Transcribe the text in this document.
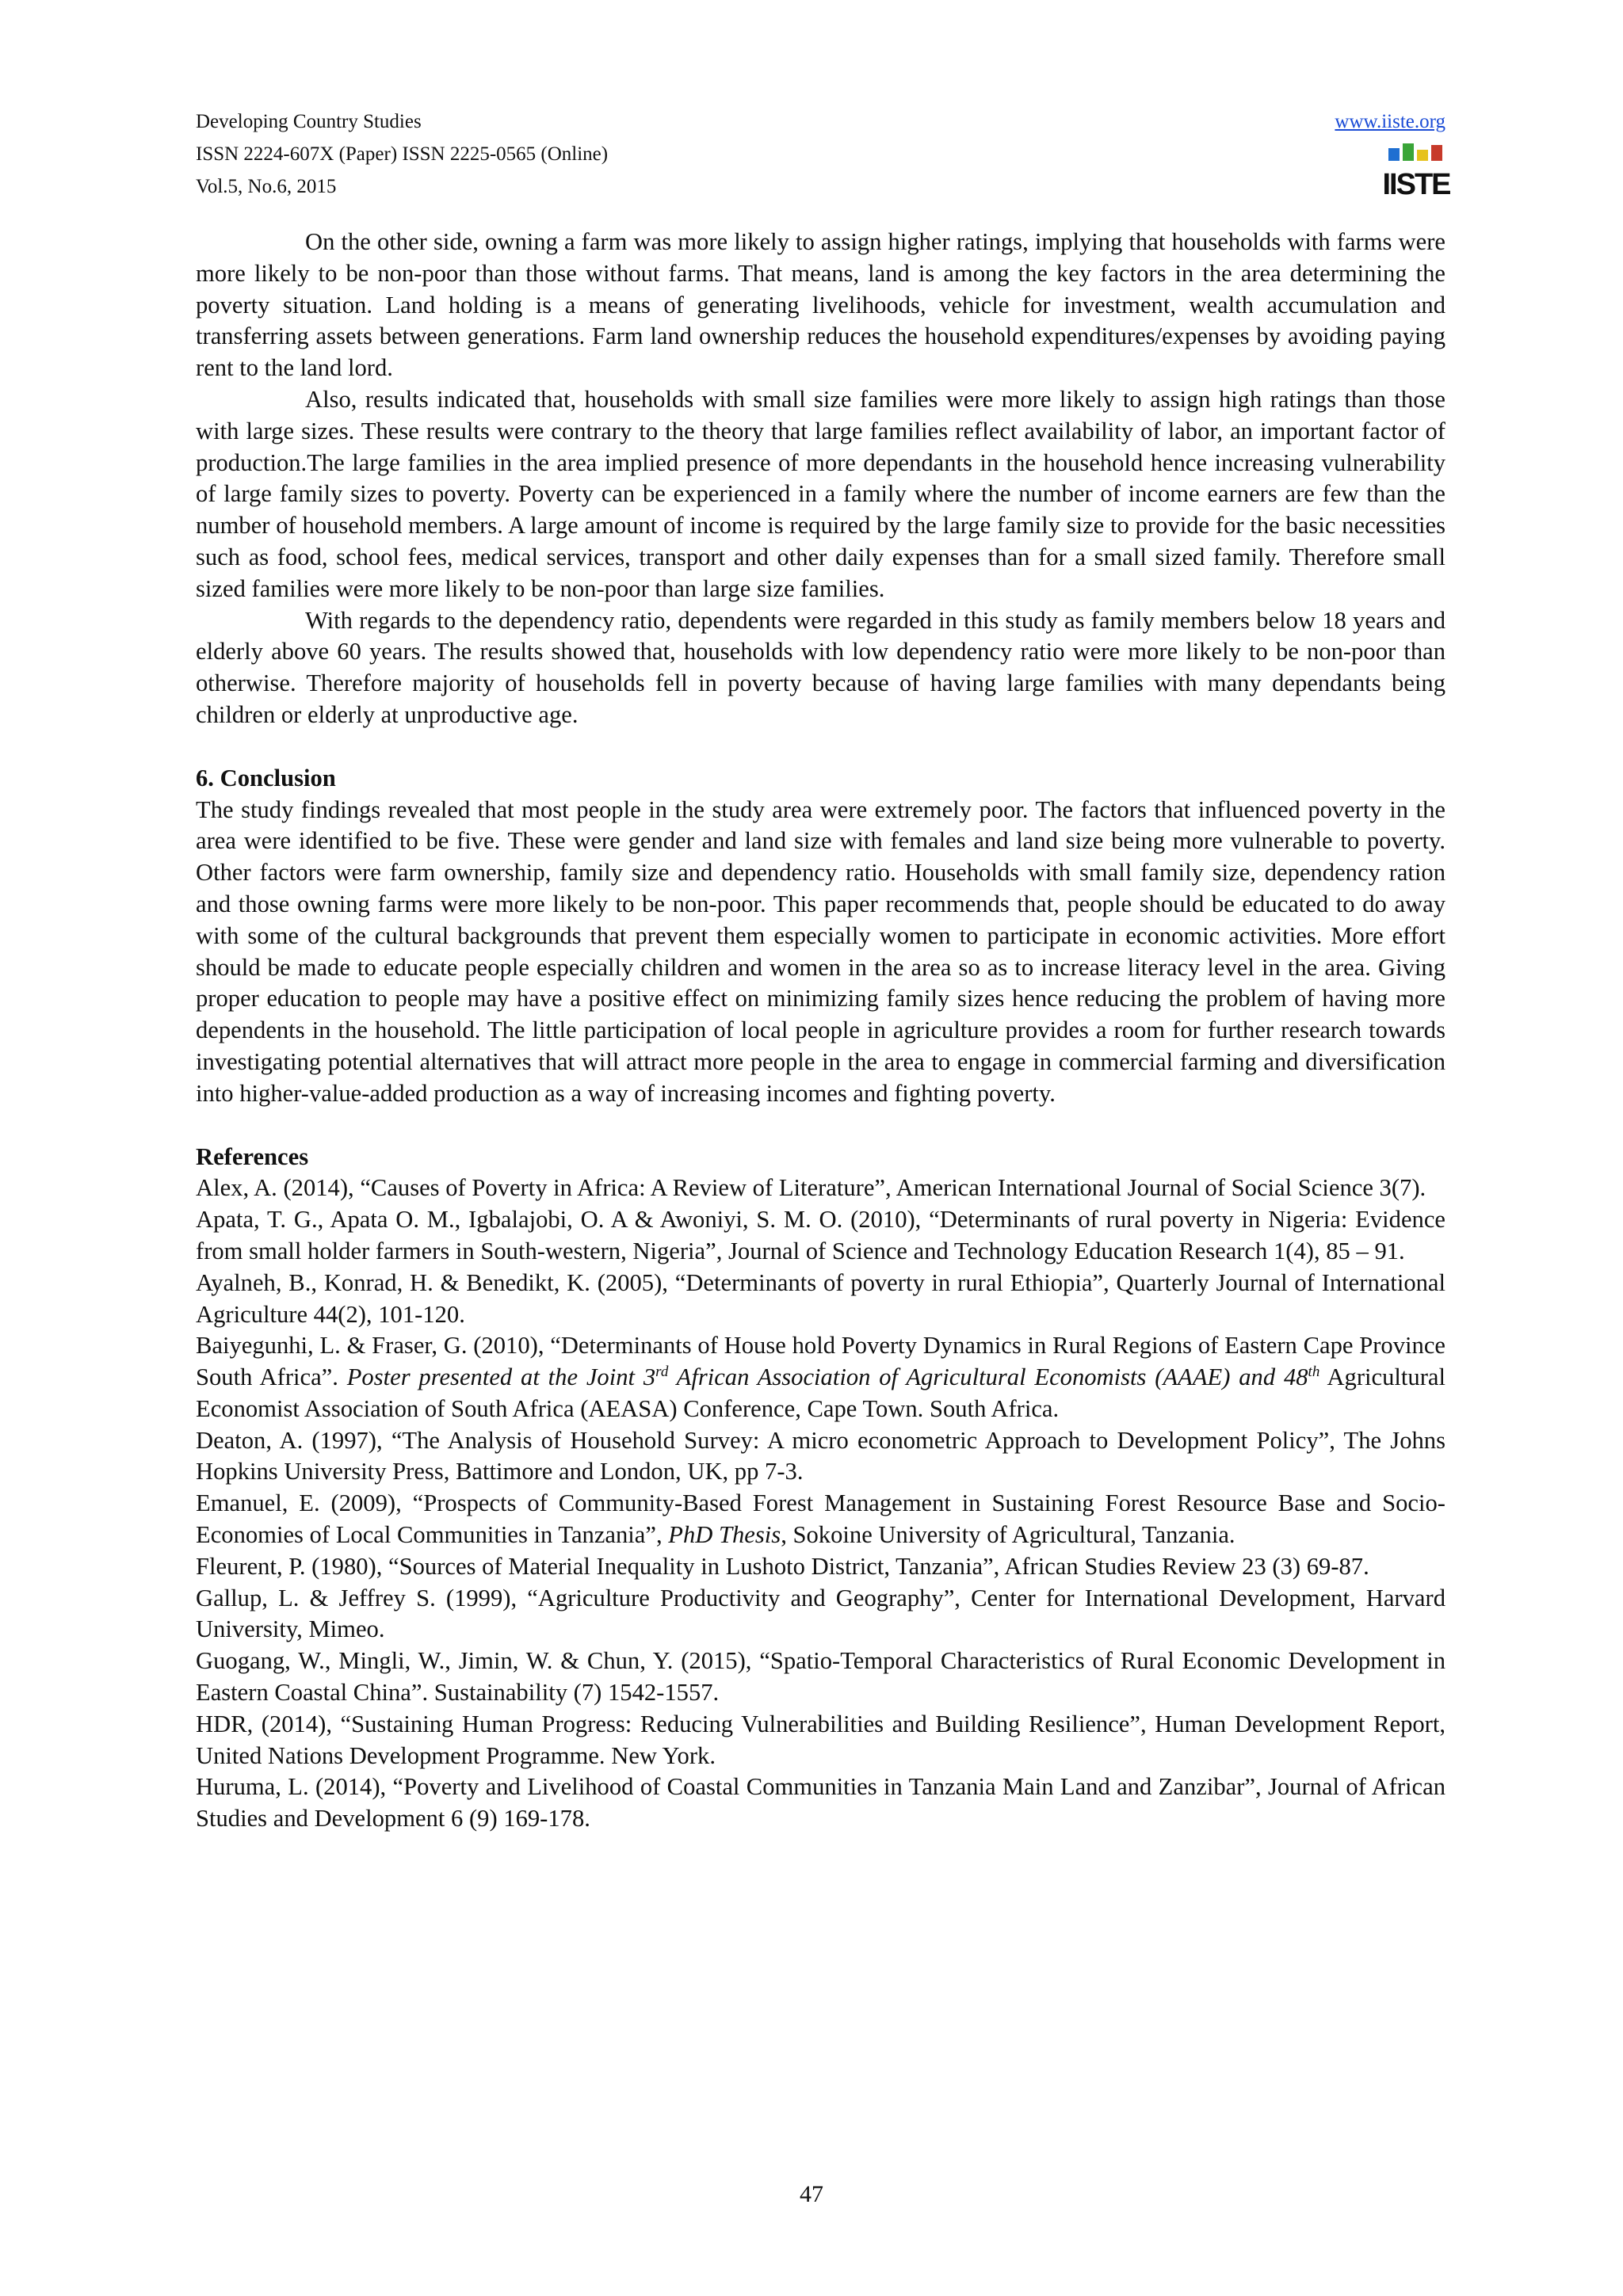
Developing Country Studies
ISSN 2224-607X (Paper) ISSN 2225-0565 (Online)
Vol.5, No.6, 2015
www.iiste.org
IISTE

On the other side, owning a farm was more likely to assign higher ratings, implying that households with farms were more likely to be non-poor than those without farms. That means, land is among the key factors in the area determining the poverty situation. Land holding is a means of generating livelihoods, vehicle for investment, wealth accumulation and transferring assets between generations. Farm land ownership reduces the household expenditures/expenses by avoiding paying rent to the land lord.

Also, results indicated that, households with small size families were more likely to assign high ratings than those with large sizes. These results were contrary to the theory that large families reflect availability of labor, an important factor of production.The large families in the area implied presence of more dependants in the household hence increasing vulnerability of large family sizes to poverty. Poverty can be experienced in a family where the number of income earners are few than the number of household members. A large amount of income is required by the large family size to provide for the basic necessities such as food, school fees, medical services, transport and other daily expenses than for a small sized family. Therefore small sized families were more likely to be non-poor than large size families.

With regards to the dependency ratio, dependents were regarded in this study as family members below 18 years and elderly above 60 years. The results showed that, households with low dependency ratio were more likely to be non-poor than otherwise. Therefore majority of households fell in poverty because of having large families with many dependants being children or elderly at unproductive age.

6. Conclusion

The study findings revealed that most people in the study area were extremely poor. The factors that influenced poverty in the area were identified to be five. These were gender and land size with females and land size being more vulnerable to poverty. Other factors were farm ownership, family size and dependency ratio. Households with small family size, dependency ration and those owning farms were more likely to be non-poor. This paper recommends that, people should be educated to do away with some of the cultural backgrounds that prevent them especially women to participate in economic activities. More effort should be made to educate people especially children and women in the area so as to increase literacy level in the area. Giving proper education to people may have a positive effect on minimizing family sizes hence reducing the problem of having more dependents in the household. The little participation of local people in agriculture provides a room for further research towards investigating potential alternatives that will attract more people in the area to engage in commercial farming and diversification into higher-value-added production as a way of increasing incomes and fighting poverty.

References

Alex, A. (2014), “Causes of Poverty in Africa: A Review of Literature”, American International Journal of Social Science 3(7).

Apata, T. G., Apata O. M., Igbalajobi, O. A & Awoniyi, S. M. O. (2010), “Determinants of rural poverty in Nigeria: Evidence from small holder farmers in South-western, Nigeria”, Journal of Science and Technology Education Research 1(4), 85 – 91.

Ayalneh, B., Konrad, H. & Benedikt, K. (2005), “Determinants of poverty in rural Ethiopia”, Quarterly Journal of International Agriculture 44(2), 101-120.

Baiyegunhi, L. & Fraser, G. (2010), “Determinants of House hold Poverty Dynamics in Rural Regions of Eastern Cape Province South Africa”. Poster presented at the Joint 3rd African Association of Agricultural Economists (AAAE) and 48th Agricultural Economist Association of South Africa (AEASA) Conference, Cape Town. South Africa.

Deaton, A. (1997), “The Analysis of Household Survey: A micro econometric Approach to Development Policy”, The Johns Hopkins University Press, Battimore and London, UK, pp 7-3.

Emanuel, E. (2009), “Prospects of Community-Based Forest Management in Sustaining Forest Resource Base and Socio-Economies of Local Communities in Tanzania”, PhD Thesis, Sokoine University of Agricultural, Tanzania.

Fleurent, P. (1980), “Sources of Material Inequality in Lushoto District, Tanzania”, African Studies Review 23 (3) 69-87.

Gallup, L. & Jeffrey S. (1999), “Agriculture Productivity and Geography”, Center for International Development, Harvard University, Mimeo.

Guogang, W., Mingli, W., Jimin, W. & Chun, Y. (2015), “Spatio-Temporal Characteristics of Rural Economic Development in Eastern Coastal China”. Sustainability (7) 1542-1557.

HDR, (2014), “Sustaining Human Progress: Reducing Vulnerabilities and Building Resilience”, Human Development Report, United Nations Development Programme. New York.

Huruma, L. (2014), “Poverty and Livelihood of Coastal Communities in Tanzania Main Land and Zanzibar”, Journal of African Studies and Development 6 (9) 169-178.

47
